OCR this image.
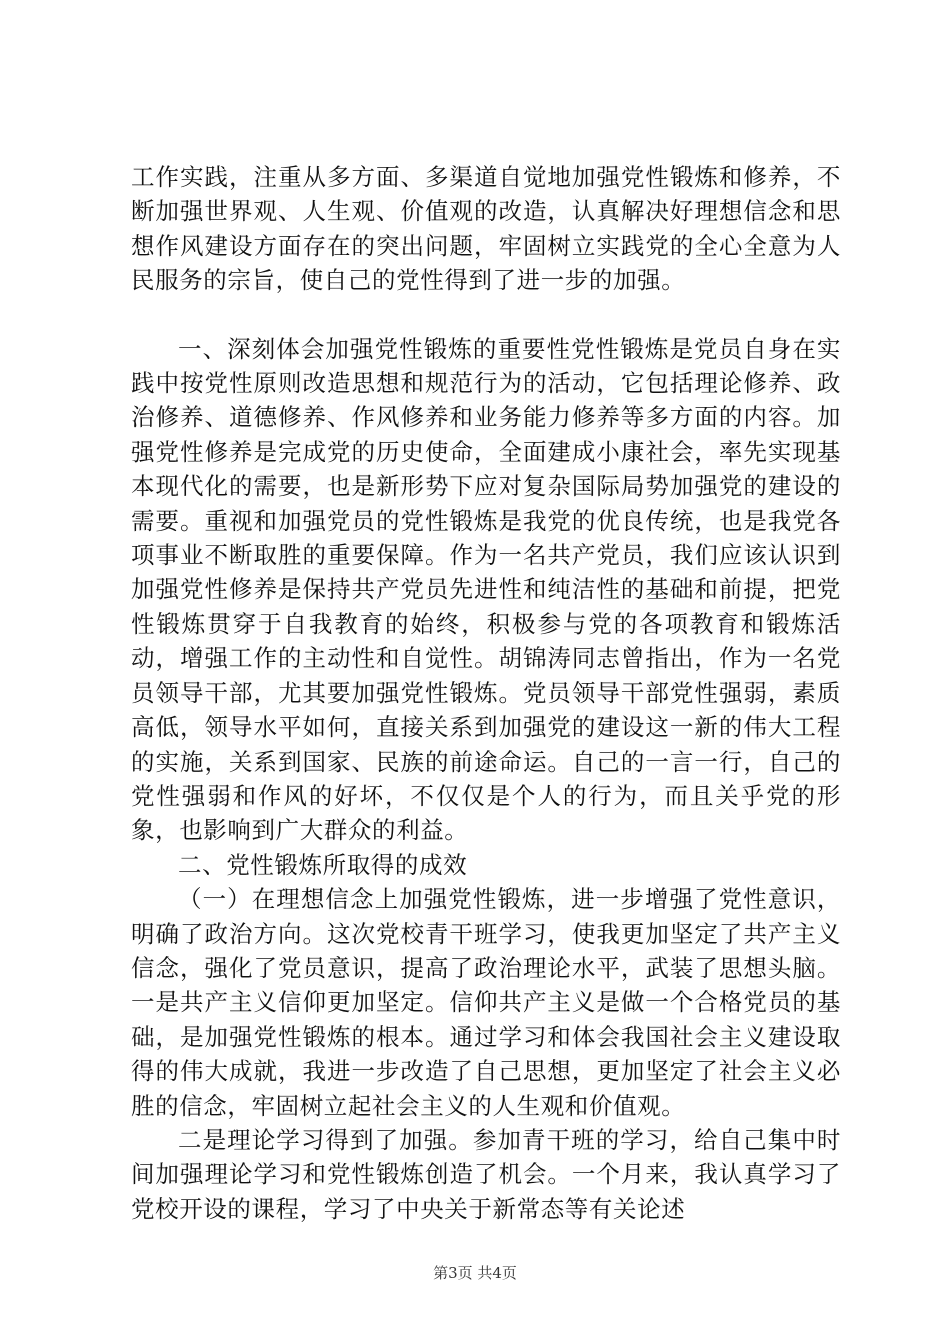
工作实践，注重从多方面、多渠道自觉地加强党性锻炼和修养，不断加强世界观、人生观、价值观的改造，认真解决好理想信念和思想作风建设方面存在的突出问题，牢固树立实践党的全心全意为人民服务的宗旨，使自己的党性得到了进一步的加强。

一、深刻体会加强党性锻炼的重要性党性锻炼是党员自身在实践中按党性原则改造思想和规范行为的活动，它包括理论修养、政治修养、道德修养、作风修养和业务能力修养等多方面的内容。加强党性修养是完成党的历史使命，全面建成小康社会，率先实现基本现代化的需要，也是新形势下应对复杂国际局势加强党的建设的需要。重视和加强党员的党性锻炼是我党的优良传统，也是我党各项事业不断取胜的重要保障。作为一名共产党员，我们应该认识到加强党性修养是保持共产党员先进性和纯洁性的基础和前提，把党性锻炼贯穿于自我教育的始终，积极参与党的各项教育和锻炼活动，增强工作的主动性和自觉性。胡锦涛同志曾指出，作为一名党员领导干部，尤其要加强党性锻炼。党员领导干部党性强弱，素质高低，领导水平如何，直接关系到加强党的建设这一新的伟大工程的实施，关系到国家、民族的前途命运。自己的一言一行，自己的党性强弱和作风的好坏，不仅仅是个人的行为，而且关乎党的形象，也影响到广大群众的利益。

二、党性锻炼所取得的成效

（一）在理想信念上加强党性锻炼，进一步增强了党性意识，明确了政治方向。这次党校青干班学习，使我更加坚定了共产主义信念，强化了党员意识，提高了政治理论水平，武装了思想头脑。一是共产主义信仰更加坚定。信仰共产主义是做一个合格党员的基础，是加强党性锻炼的根本。通过学习和体会我国社会主义建设取得的伟大成就，我进一步改造了自己思想，更加坚定了社会主义必胜的信念，牢固树立起社会主义的人生观和价值观。

二是理论学习得到了加强。参加青干班的学习，给自己集中时间加强理论学习和党性锻炼创造了机会。一个月来，我认真学习了党校开设的课程，学习了中央关于新常态等有关论述

第3页 共4页
